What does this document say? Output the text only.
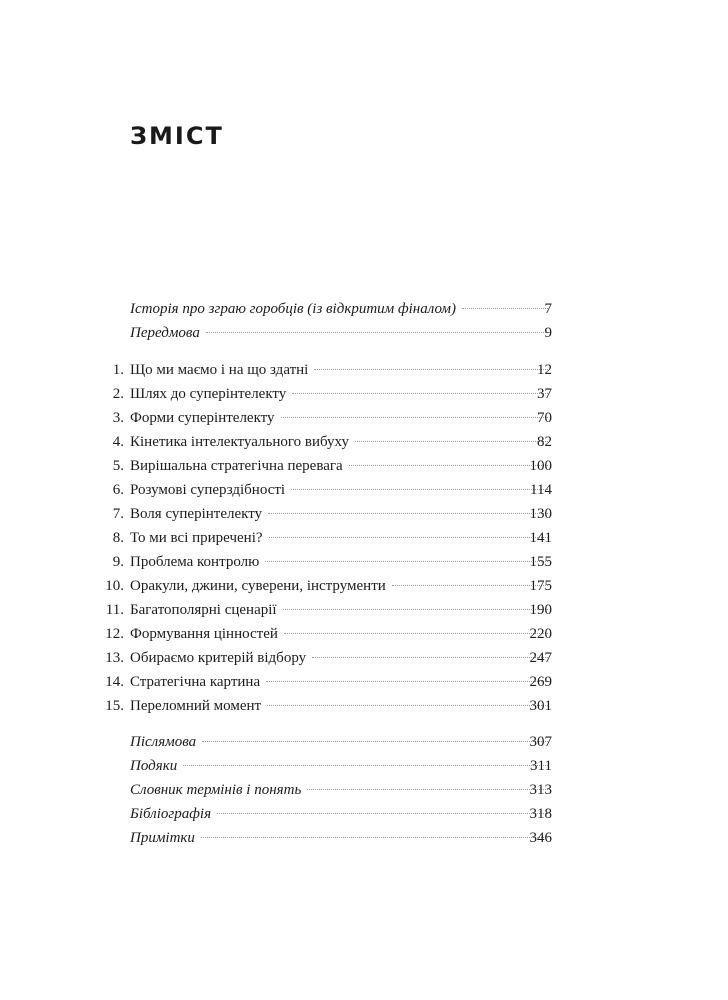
ЗМІСТ
Історія про зграю горобців (із відкритим фіналом)	7
Передмова	9
1. Що ми маємо і на що здатні	12
2. Шлях до суперінтелекту	37
3. Форми суперінтелекту	70
4. Кінетика інтелектуального вибуху	82
5. Вирішальна стратегічна перевага	100
6. Розумові суперздібності	114
7. Воля суперінтелекту	130
8. То ми всі приречені?	141
9. Проблема контролю	155
10. Оракули, джини, суверени, інструменти	175
11. Багатополярні сценарії	190
12. Формування цінностей	220
13. Обираємо критерій відбору	247
14. Стратегічна картина	269
15. Переломний момент	301
Післямова	307
Подяки	311
Словник термінів і понять	313
Бібліографія	318
Примітки	346
